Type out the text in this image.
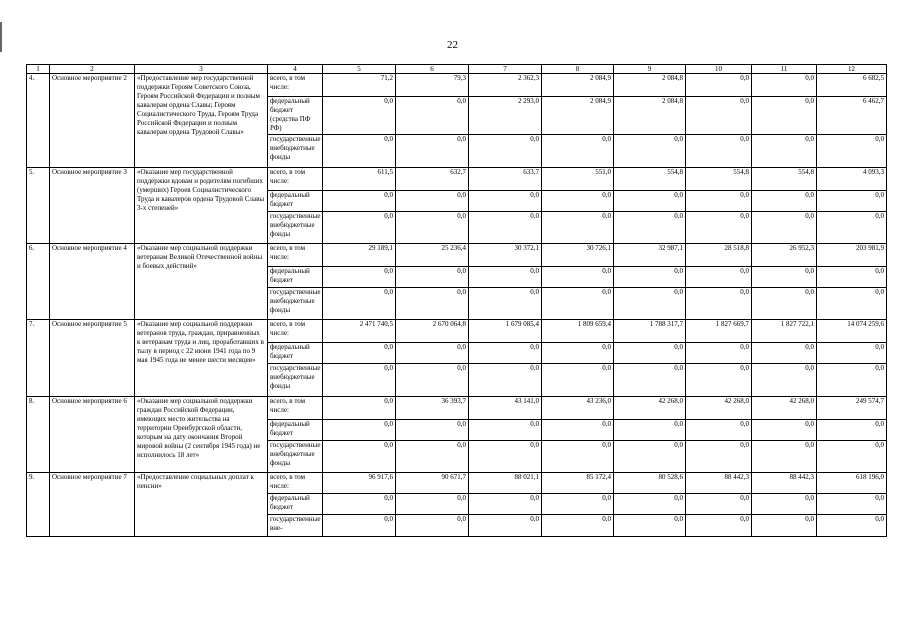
22
1	2	3	4	5	6	7	8	9	10	11	12
4.	Основное мероприятие 2	«Предоставление мер государственной поддержки Героям Советского Союза, Героям Российской Федерации и полным кавалерам ордена Славы; Героям Социалистического Труда, Героям Труда Российской Федерации и полным кавалерам ордена Трудовой Славы»	всего, в том числе:	71,2	79,3	2 362,3	2 084,9	2 084,8	0,0	0,0	6 682,5
			федеральный бюджет (средства ПФ РФ)	0,0	0,0	2 293,0	2 084,9	2 084,8	0,0	0,0	6 462,7
			государственные внебюджетные фонды	0,0	0,0	0,0	0,0	0,0	0,0	0,0	0,0
5.	Основное мероприятие 3	«Оказание мер государственной поддержки вдовам и родителям погибших (умерших) Героев Социалистического Труда и кавалеров ордена Трудовой Славы 3-х степеней»	всего, в том числе:	611,5	632,7	633,7	551,0	554,8	554,8	554,8	4 093,3
			федеральный бюджет	0,0	0,0	0,0	0,0	0,0	0,0	0,0	0,0
			государственные внебюджетные фонды	0,0	0,0	0,0	0,0	0,0	0,0	0,0	0,0
6.	Основное мероприятие 4	«Оказание мер социальной поддержки ветеранам Великой Отечественной войны и боевых действий»	всего, в том числе:	29 189,1	25 236,4	30 372,1	30 726,1	32 987,1	28 518,8	26 952,3	203 981,9
			федеральный бюджет	0,0	0,0	0,0	0,0	0,0	0,0	0,0	0,0
			государственные внебюджетные фонды	0,0	0,0	0,0	0,0	0,0	0,0	0,0	0,0
7.	Основное мероприятие 5	«Оказание мер социальной поддержки ветеранов труда, граждан, приравненных к ветеранам труда и лиц, проработавших в тылу в период с 22 июня 1941 года по 9 мая 1945 года не менее шести месяцев»	всего, в том числе:	2 471 740,5	2 670 064,8	1 679 085,4	1 809 659,4	1 788 317,7	1 827 669,7	1 827 722,1	14 074 259,6
			федеральный бюджет	0,0	0,0	0,0	0,0	0,0	0,0	0,0	0,0
			государственные внебюджетные фонды	0,0	0,0	0,0	0,0	0,0	0,0	0,0	0,0
8.	Основное мероприятие 6	«Оказание мер социальной поддержки граждан Российской Федерации, имеющих место жительства на территории Оренбургской области, которым на дату окончания Второй мировой войны (2 сентября 1945 года) не исполнилось 18 лет»	всего, в том числе:	0,0	36 393,7	43 141,0	43 236,0	42 268,0	42 268,0	42 268,0	249 574,7
			федеральный бюджет	0,0	0,0	0,0	0,0	0,0	0,0	0,0	0,0
			государственные внебюджетные фонды	0,0	0,0	0,0	0,0	0,0	0,0	0,0	0,0
9.	Основное мероприятие 7	«Предоставление социальных доплат к пенсии»	всего, в том числе:	96 917,6	90 671,7	88 021,1	85 172,4	80 528,6	88 442,3	88 442,3	618 196,0
			федеральный бюджет	0,0	0,0	0,0	0,0	0,0	0,0	0,0	0,0
			государственные вне-	0,0	0,0	0,0	0,0	0,0	0,0	0,0	0,0
